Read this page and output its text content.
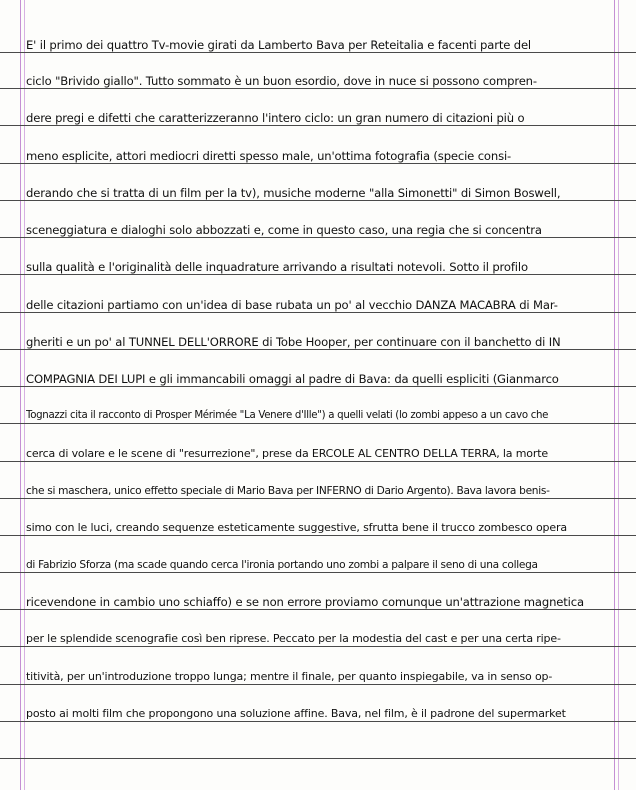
E' il primo dei quattro Tv-movie girati da Lamberto Bava per Reteitalia e facenti parte del
ciclo "Brivido giallo". Tutto sommato è un buon esordio, dove in nuce si possono compren-
dere pregi e difetti che caratterizzeranno l'intero ciclo: un gran numero di citazioni più o
meno esplicite, attori mediocri diretti spesso male, un'ottima fotografia (specie consi-
derando che si tratta di un film per la tv), musiche moderne "alla Simonetti" di Simon Boswell,
sceneggiatura e dialoghi solo abbozzati e, come in questo caso, una regia che si concentra
sulla qualità e l'originalità delle inquadrature arrivando a risultati notevoli. Sotto il profilo
delle citazioni partiamo con un'idea di base rubata un po' al vecchio DANZA MACABRA di Mar-
gheriti e un po' al TUNNEL DELL'ORRORE di Tobe Hooper, per continuare con il banchetto di IN
COMPAGNIA DEI LUPI e gli immancabili omaggi al padre di Bava: da quelli espliciti (Gianmarco
Tognazzi cita il racconto di Prosper Mérimée "La Venere d'Ille") a quelli velati (lo zombi appeso a un cavo che
cerca di volare e le scene di "resurrezione", prese da ERCOLE AL CENTRO DELLA TERRA, la morte
che si maschera, unico effetto speciale di Mario Bava per INFERNO di Dario Argento). Bava lavora benis-
simo con le luci, creando sequenze esteticamente suggestive, sfrutta bene il trucco zombesco opera
di Fabrizio Sforza (ma scade quando cerca l'ironia portando uno zombi a palpare il seno di una collega
ricevendone in cambio uno schiaffo) e se non errore proviamo comunque un'attrazione magnetica
per le splendide scenografie così ben riprese. Peccato per la modestia del cast e per una certa ripe-
titività, per un'introduzione troppo lunga; mentre il finale, per quanto inspiegabile, va in senso op-
posto ai molti film che propongono una soluzione affine. Bava, nel film, è il padrone del supermarket
